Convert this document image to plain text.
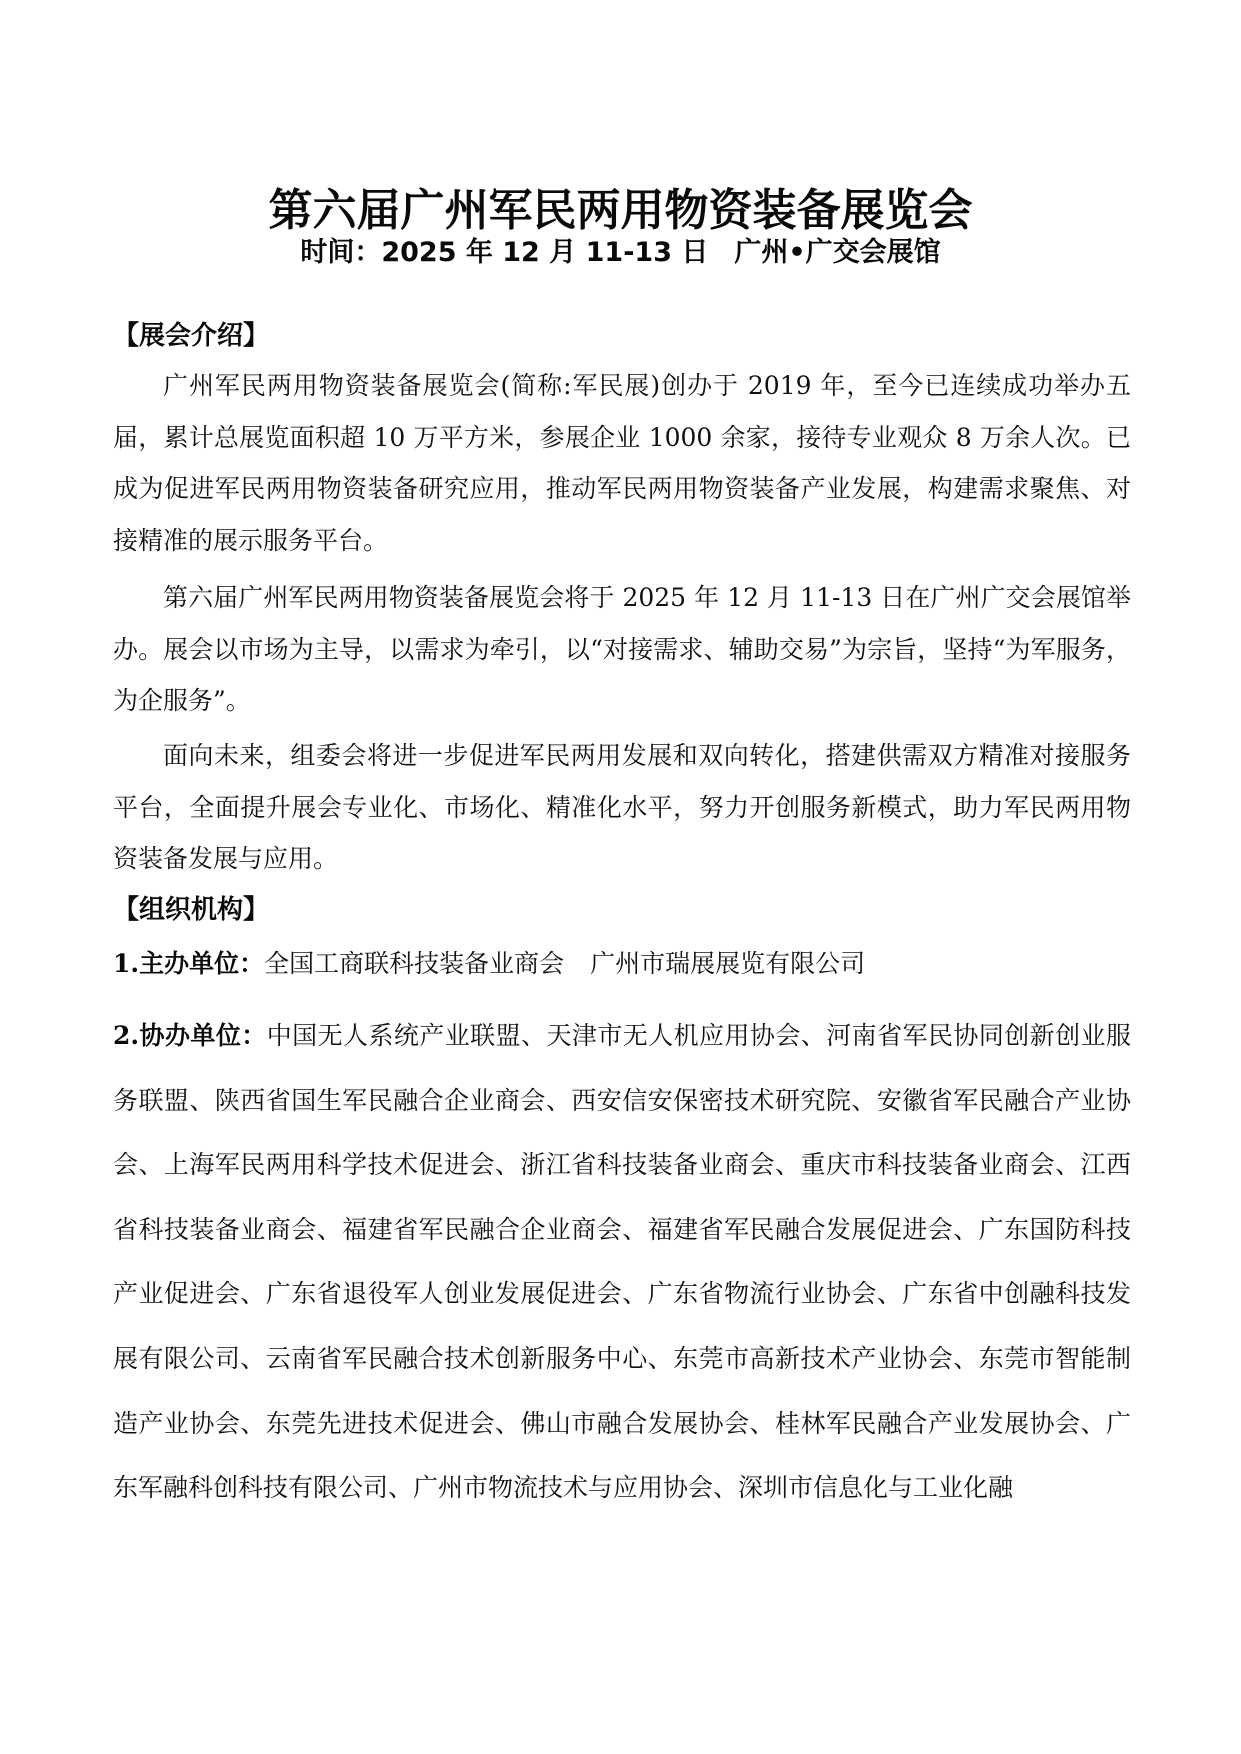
第六届广州军民两用物资装备展览会
时间：2025 年 12 月 11-13 日 广州•广交会展馆
【展会介绍】

广州军民两用物资装备展览会(简称:军民展)创办于 2019 年，至今已连续成功举办五届，累计总展览面积超 10 万平方米，参展企业 1000 余家，接待专业观众 8 万余人次。已成为促进军民两用物资装备研究应用，推动军民两用物资装备产业发展，构建需求聚焦、对接精准的展示服务平台。

第六届广州军民两用物资装备展览会将于 2025 年 12 月 11-13 日在广州广交会展馆举办。展会以市场为主导，以需求为牵引，以“对接需求、辅助交易”为宗旨，坚持“为军服务，为企服务”。

面向未来，组委会将进一步促进军民两用发展和双向转化，搭建供需双方精准对接服务平台，全面提升展会专业化、市场化、精准化水平，努力开创服务新模式，助力军民两用物资装备发展与应用。

【组织机构】

1.主办单位：全国工商联科技装备业商会 广州市瑞展展览有限公司

2.协办单位：中国无人系统产业联盟、天津市无人机应用协会、河南省军民协同创新创业服务联盟、陕西省国生军民融合企业商会、西安信安保密技术研究院、安徽省军民融合产业协会、上海军民两用科学技术促进会、浙江省科技装备业商会、重庆市科技装备业商会、江西省科技装备业商会、福建省军民融合企业商会、福建省军民融合发展促进会、广东国防科技产业促进会、广东省退役军人创业发展促进会、广东省物流行业协会、广东省中创融科技发展有限公司、云南省军民融合技术创新服务中心、东莞市高新技术产业协会、东莞市智能制造产业协会、东莞先进技术促进会、佛山市融合发展协会、桂林军民融合产业发展协会、广东军融科创科技有限公司、广州市物流技术与应用协会、深圳市信息化与工业化融
